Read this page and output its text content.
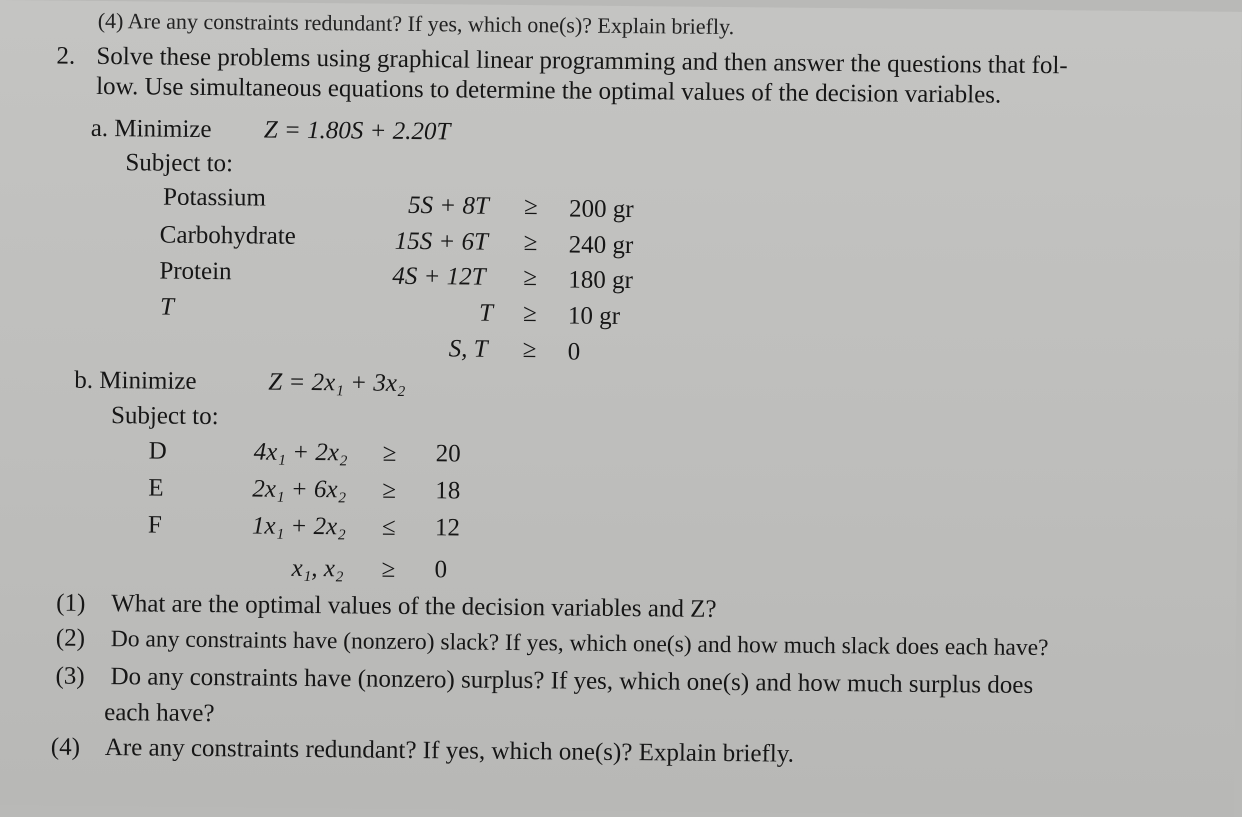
(4) Are any constraints redundant? If yes, which one(s)? Explain briefly.
2. Solve these problems using graphical linear programming and then answer the questions that fol-
low. Use simultaneous equations to determine the optimal values of the decision variables.
a. Minimize Z = 1.80S + 2.20T
Subject to:
Potassium	5S + 8T ≥ 200 gr
Carbohydrate	15S + 6T ≥ 240 gr
Protein	4S + 12T ≥ 180 gr
T	T ≥ 10 gr
S, T ≥ 0
b. Minimize	Z = 2x₁ + 3x₂
Subject to:
D	4x₁ + 2x₂ ≥ 20
E	2x₁ + 6x₂ ≥ 18
F	1x₁ + 2x₂ ≤ 12
x₁, x₂ ≥ 0
(1) What are the optimal values of the decision variables and Z?
(2) Do any constraints have (nonzero) slack? If yes, which one(s) and how much slack does each have?
(3) Do any constraints have (nonzero) surplus? If yes, which one(s) and how much surplus does
each have?
(4) Are any constraints redundant? If yes, which one(s)? Explain briefly.
